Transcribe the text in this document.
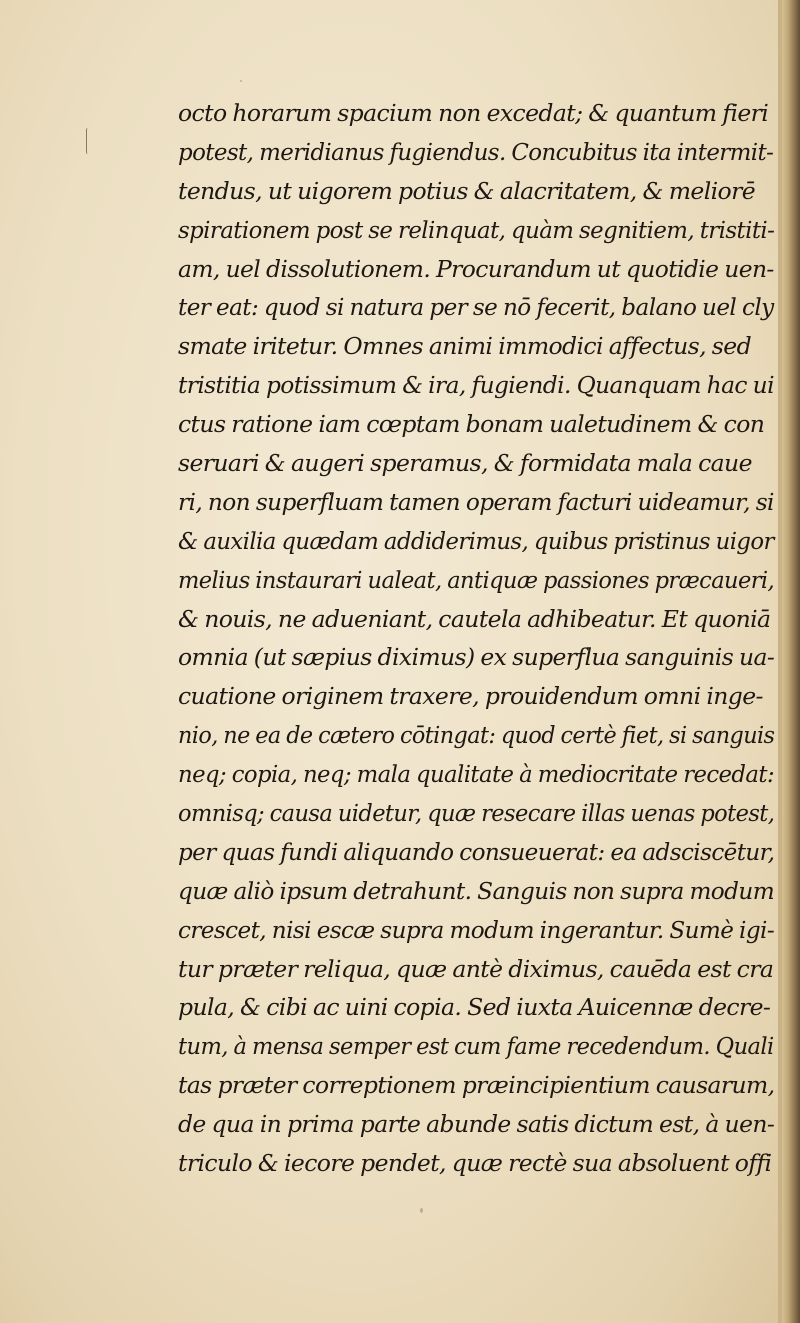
octo horarum spacium non excedat; & quantum fieri
potest, meridianus fugiendus. Concubitus ita intermit-
tendus, ut uigorem potius & alacritatem, & meliorē
spirationem post se relinquat, quàm segnitiem, tristiti-
am, uel dissolutionem. Procurandum ut quotidie uen-
ter eat: quod si natura per se nō fecerit, balano uel cly
smate iritetur. Omnes animi immodici affectus, sed
tristitia potissimum & ira, fugiendi. Quanquam hac ui
ctus ratione iam cœptam bonam ualetudinem & con
seruari & augeri speramus, & formidata mala caue
ri, non superfluam tamen operam facturi uideamur, si
& auxilia quædam addiderimus, quibus pristinus uigor
melius instaurari ualeat, antiquæ passiones præcaueri,
& nouis, ne adueniant, cautela adhibeatur. Et quoniā
omnia (ut sæpius diximus) ex superflua sanguinis ua-
cuatione originem traxere, prouidendum omni inge-
nio, ne ea de cætero cōtingat: quod certè fiet, si sanguis
neq; copia, neq; mala qualitate à mediocritate recedat:
omnisq; causa uidetur, quæ resecare illas uenas potest,
per quas fundi aliquando consueuerat: ea adsciscētur,
quæ aliò ipsum detrahunt. Sanguis non supra modum
crescet, nisi escæ supra modum ingerantur. Sumè igi-
tur præter reliqua, quæ antè diximus, cauēda est cra
pula, & cibi ac uini copia. Sed iuxta Auicennæ decre-
tum, à mensa semper est cum fame recedendum. Quali
tas præter correptionem præincipientium causarum,
de qua in prima parte abunde satis dictum est, à uen-
triculo & iecore pendet, quæ rectè sua absoluent offi
